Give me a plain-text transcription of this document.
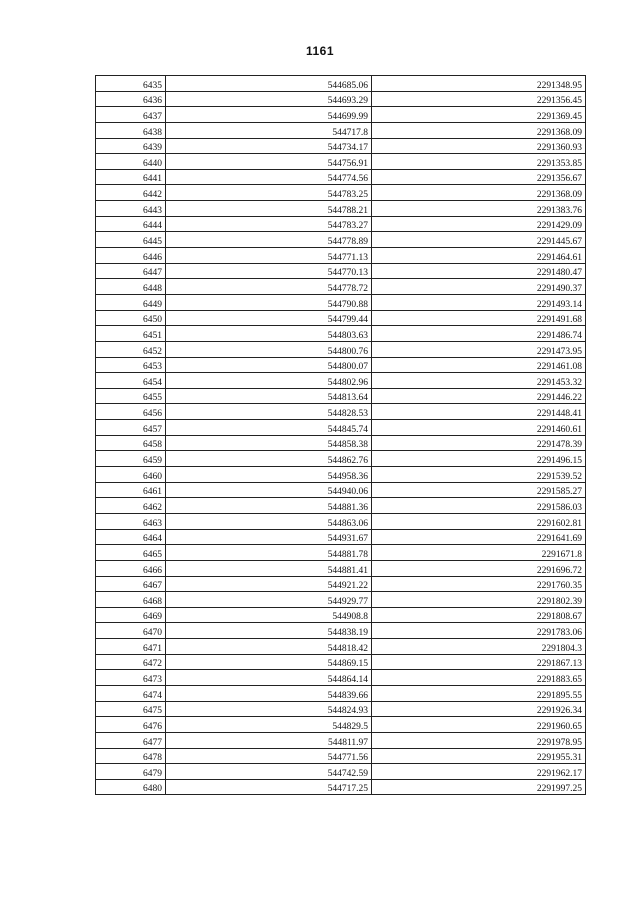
1161
6435	544685.06	2291348.95
6436	544693.29	2291356.45
6437	544699.99	2291369.45
6438	544717.8	2291368.09
6439	544734.17	2291360.93
6440	544756.91	2291353.85
6441	544774.56	2291356.67
6442	544783.25	2291368.09
6443	544788.21	2291383.76
6444	544783.27	2291429.09
6445	544778.89	2291445.67
6446	544771.13	2291464.61
6447	544770.13	2291480.47
6448	544778.72	2291490.37
6449	544790.88	2291493.14
6450	544799.44	2291491.68
6451	544803.63	2291486.74
6452	544800.76	2291473.95
6453	544800.07	2291461.08
6454	544802.96	2291453.32
6455	544813.64	2291446.22
6456	544828.53	2291448.41
6457	544845.74	2291460.61
6458	544858.38	2291478.39
6459	544862.76	2291496.15
6460	544958.36	2291539.52
6461	544940.06	2291585.27
6462	544881.36	2291586.03
6463	544863.06	2291602.81
6464	544931.67	2291641.69
6465	544881.78	2291671.8
6466	544881.41	2291696.72
6467	544921.22	2291760.35
6468	544929.77	2291802.39
6469	544908.8	2291808.67
6470	544838.19	2291783.06
6471	544818.42	2291804.3
6472	544869.15	2291867.13
6473	544864.14	2291883.65
6474	544839.66	2291895.55
6475	544824.93	2291926.34
6476	544829.5	2291960.65
6477	544811.97	2291978.95
6478	544771.56	2291955.31
6479	544742.59	2291962.17
6480	544717.25	2291997.25
